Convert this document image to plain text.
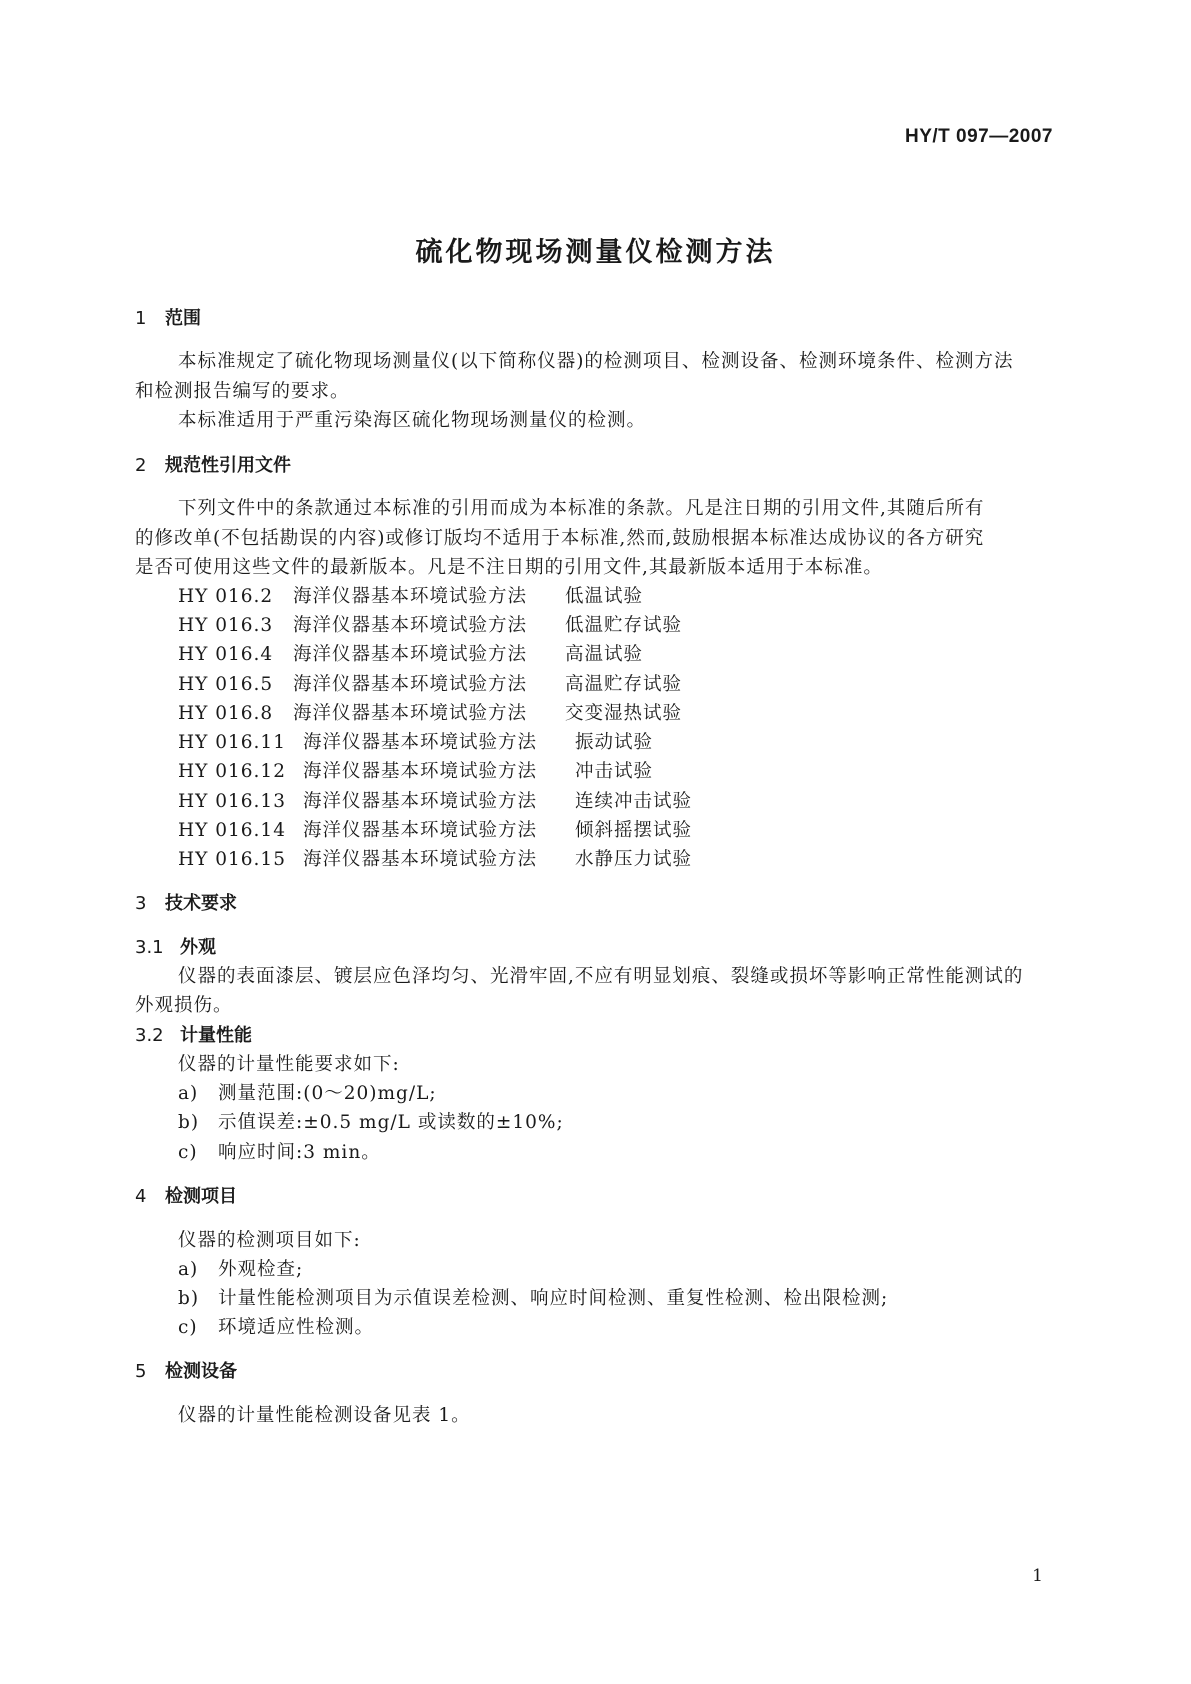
HY/T 097—2007
硫化物现场测量仪检测方法
1 范围
本标准规定了硫化物现场测量仪(以下简称仪器)的检测项目、检测设备、检测环境条件、检测方法
和检测报告编写的要求。
本标准适用于严重污染海区硫化物现场测量仪的检测。
2 规范性引用文件
下列文件中的条款通过本标准的引用而成为本标准的条款。凡是注日期的引用文件,其随后所有
的修改单(不包括勘误的内容)或修订版均不适用于本标准,然而,鼓励根据本标准达成协议的各方研究
是否可使用这些文件的最新版本。凡是不注日期的引用文件,其最新版本适用于本标准。
HY 016.2 海洋仪器基本环境试验方法 低温试验
HY 016.3 海洋仪器基本环境试验方法 低温贮存试验
HY 016.4 海洋仪器基本环境试验方法 高温试验
HY 016.5 海洋仪器基本环境试验方法 高温贮存试验
HY 016.8 海洋仪器基本环境试验方法 交变湿热试验
HY 016.11 海洋仪器基本环境试验方法 振动试验
HY 016.12 海洋仪器基本环境试验方法 冲击试验
HY 016.13 海洋仪器基本环境试验方法 连续冲击试验
HY 016.14 海洋仪器基本环境试验方法 倾斜摇摆试验
HY 016.15 海洋仪器基本环境试验方法 水静压力试验
3 技术要求
3.1 外观
仪器的表面漆层、镀层应色泽均匀、光滑牢固,不应有明显划痕、裂缝或损坏等影响正常性能测试的
外观损伤。
3.2 计量性能
仪器的计量性能要求如下:
a) 测量范围:(0～20)mg/L;
b) 示值误差:±0.5 mg/L 或读数的±10%;
c) 响应时间:3 min。
4 检测项目
仪器的检测项目如下:
a) 外观检查;
b) 计量性能检测项目为示值误差检测、响应时间检测、重复性检测、检出限检测;
c) 环境适应性检测。
5 检测设备
仪器的计量性能检测设备见表 1。
1
